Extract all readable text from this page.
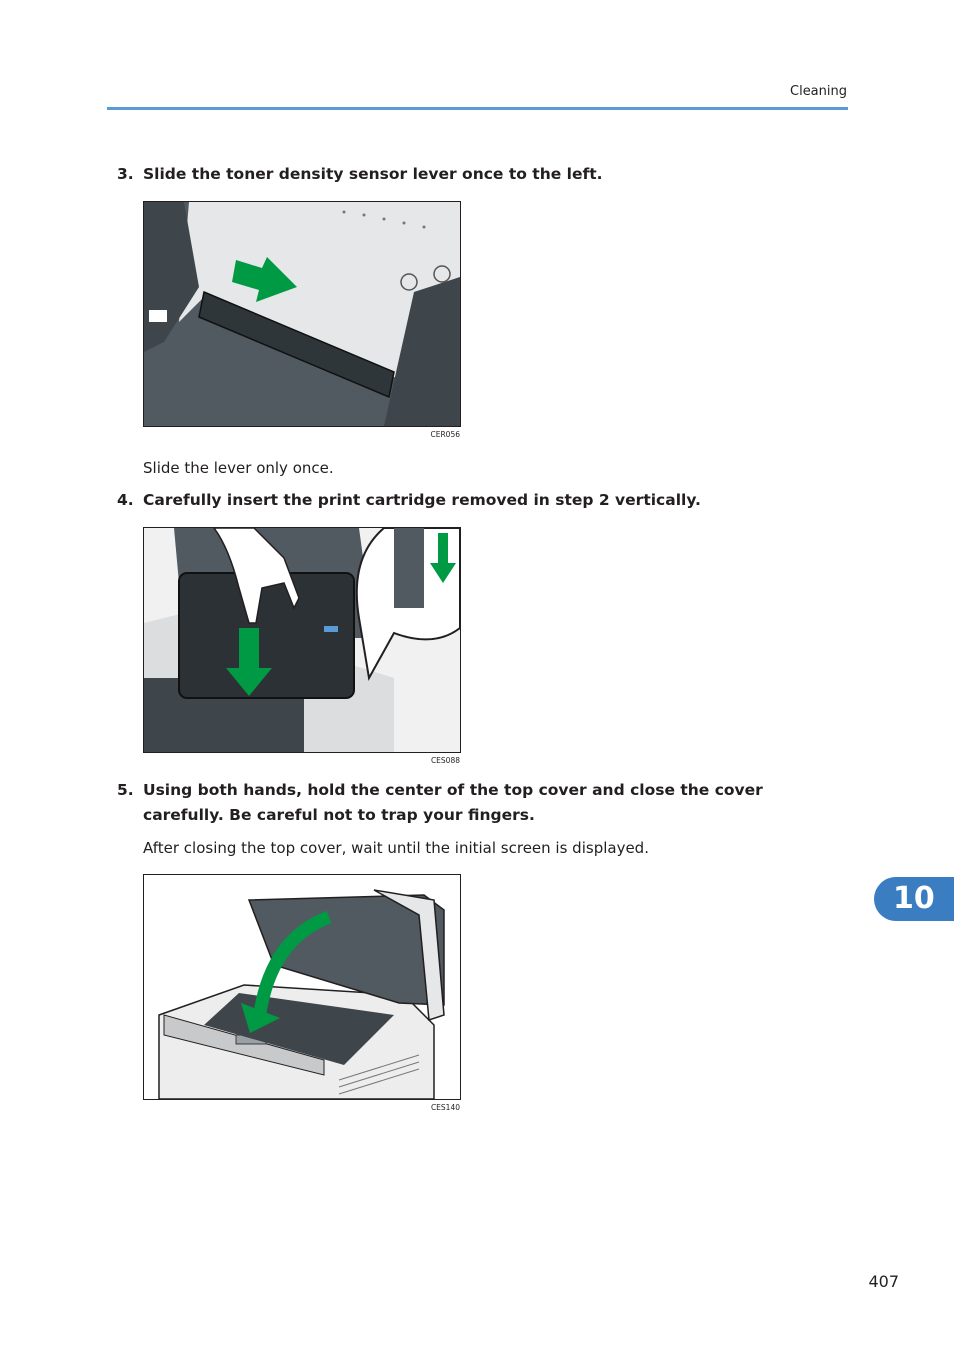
Cleaning
3. Slide the toner density sensor lever once to the left.
CER056
Slide the lever only once.
4. Carefully insert the print cartridge removed in step 2 vertically.
CES088
5. Using both hands, hold the center of the top cover and close the cover carefully. Be careful not to trap your fingers.
After closing the top cover, wait until the initial screen is displayed.
CES140
10
407
